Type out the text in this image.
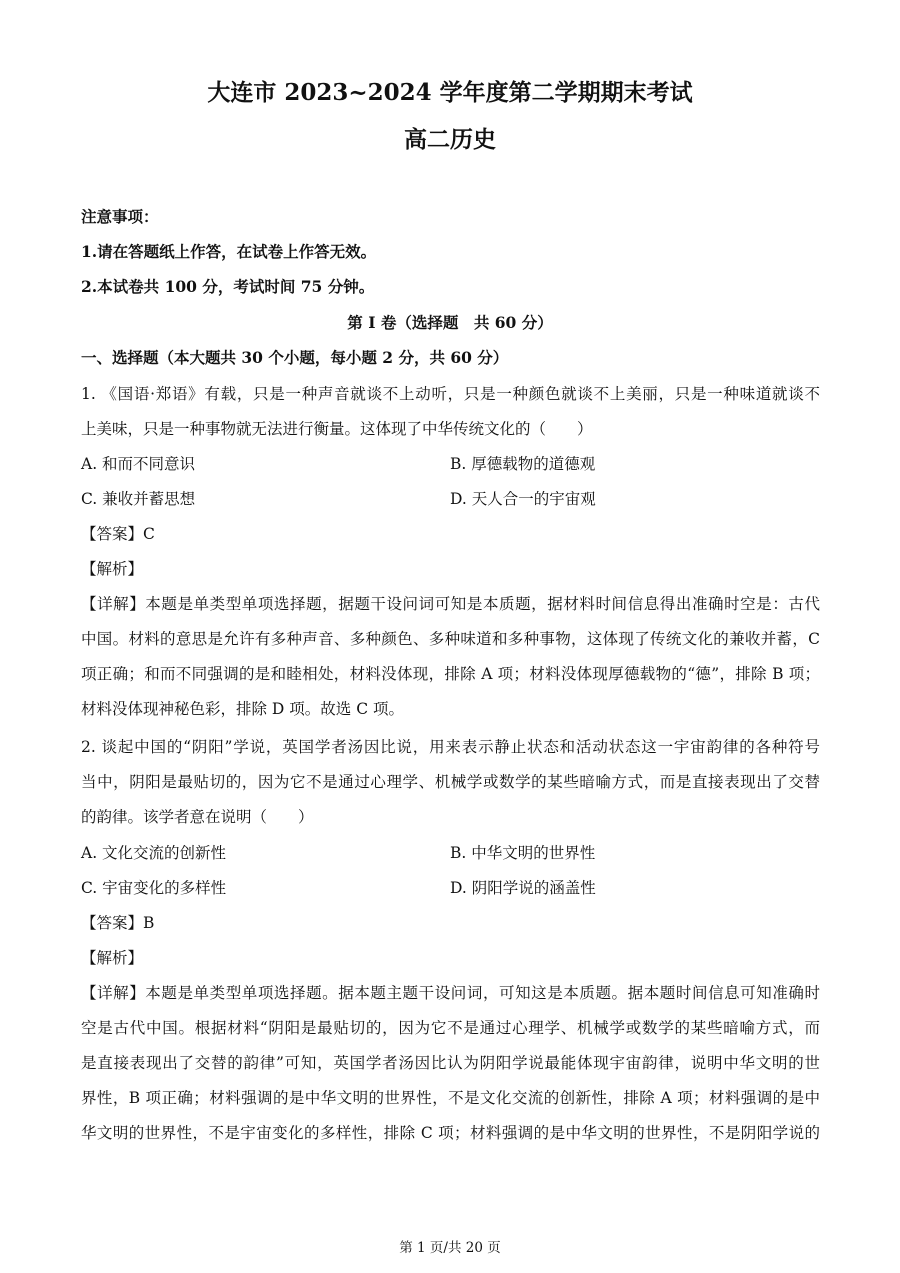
大连市 2023~2024 学年度第二学期期末考试
高二历史
注意事项：
1.请在答题纸上作答，在试卷上作答无效。
2.本试卷共 100 分，考试时间 75 分钟。
第 I 卷（选择题　共 60 分）
一、选择题（本大题共 30 个小题，每小题 2 分，共 60 分）
1. 《国语·郑语》有载，只是一种声音就谈不上动听，只是一种颜色就谈不上美丽，只是一种味道就谈不
上美味，只是一种事物就无法进行衡量。这体现了中华传统文化的（　　）
A. 和而不同意识	B. 厚德载物的道德观
C. 兼收并蓄思想	D. 天人合一的宇宙观
【答案】C
【解析】
【详解】本题是单类型单项选择题，据题干设问词可知是本质题，据材料时间信息得出准确时空是：古代
中国。材料的意思是允许有多种声音、多种颜色、多种味道和多种事物，这体现了传统文化的兼收并蓄，C
项正确；和而不同强调的是和睦相处，材料没体现，排除 A 项；材料没体现厚德载物的“德”，排除 B 项；
材料没体现神秘色彩，排除 D 项。故选 C 项。
2. 谈起中国的“阴阳”学说，英国学者汤因比说，用来表示静止状态和活动状态这一宇宙韵律的各种符号
当中，阴阳是最贴切的，因为它不是通过心理学、机械学或数学的某些暗喻方式，而是直接表现出了交替
的韵律。该学者意在说明（　　）
A. 文化交流的创新性	B. 中华文明的世界性
C. 宇宙变化的多样性	D. 阴阳学说的涵盖性
【答案】B
【解析】
【详解】本题是单类型单项选择题。据本题主题干设问词，可知这是本质题。据本题时间信息可知准确时
空是古代中国。根据材料“阴阳是最贴切的，因为它不是通过心理学、机械学或数学的某些暗喻方式，而
是直接表现出了交替的韵律”可知，英国学者汤因比认为阴阳学说最能体现宇宙韵律，说明中华文明的世
界性，B 项正确；材料强调的是中华文明的世界性，不是文化交流的创新性，排除 A 项；材料强调的是中
华文明的世界性，不是宇宙变化的多样性，排除 C 项；材料强调的是中华文明的世界性，不是阴阳学说的
第 1 页/共 20 页
